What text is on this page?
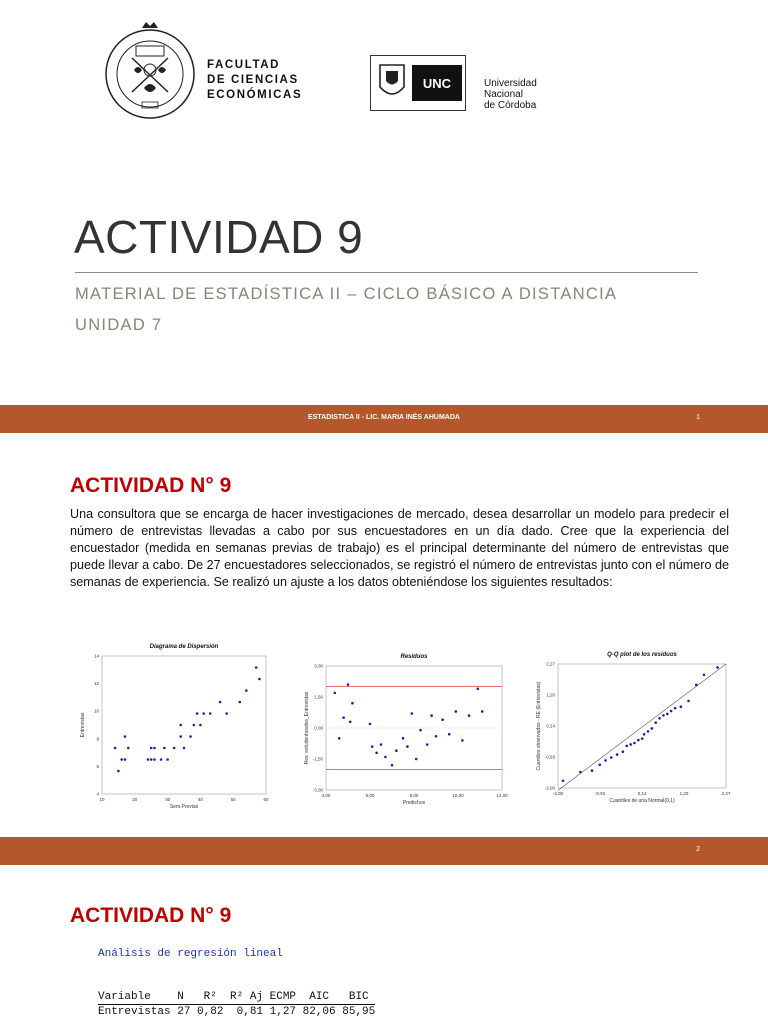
FACULTAD
DE CIENCIAS
ECONÓMICAS
UNC	Universidad
Nacional
de Córdoba
ACTIVIDAD 9
MATERIAL DE ESTADÍSTICA II – CICLO BÁSICO A DISTANCIA
UNIDAD 7
ESTADISTICA II - LIC. MARIA INÉS AHUMADA	1
ACTIVIDAD N° 9
Una consultora que se encarga de hacer investigaciones de mercado, desea desarrollar un modelo para predecir el número de entrevistas llevadas a cabo por sus encuestadores en un día dado. Cree que la experiencia del encuestador (medida en semanas previas de trabajo) es el principal determinante del número de entrevistas que puede llevar a cabo. De 27 encuestadores seleccionados, se registró el número de entrevistas junto con el número de semanas de experiencia. Se realizó un ajuste a los datos obteniéndose los siguientes resultados:
Diagrama de Dispersión
10	20	30	40	50	60
4
6
8
10
12
14
Sem.Previas
Entrevistas
Residuos
4,00	6,00	8,00	10,00	12,00
-3,00
-1,50
0,00
1,50
3,00
Predichos
Res. estudentizados_Entrevistas
Q-Q plot de los residuos
-2,00	-0,93	0,14	1,20	2,27
-2,00
-0,93
0,14
1,20
2,27
Cuantiles de una Normal(0,1)
Cuantiles observados - RE (Entrevistas)
2
ACTIVIDAD N° 9
Análisis de regresión lineal
Variable    N   R²  R² Aj ECMP  AIC   BIC
Entrevistas 27 0,82  0,81 1,27 82,06 85,95
